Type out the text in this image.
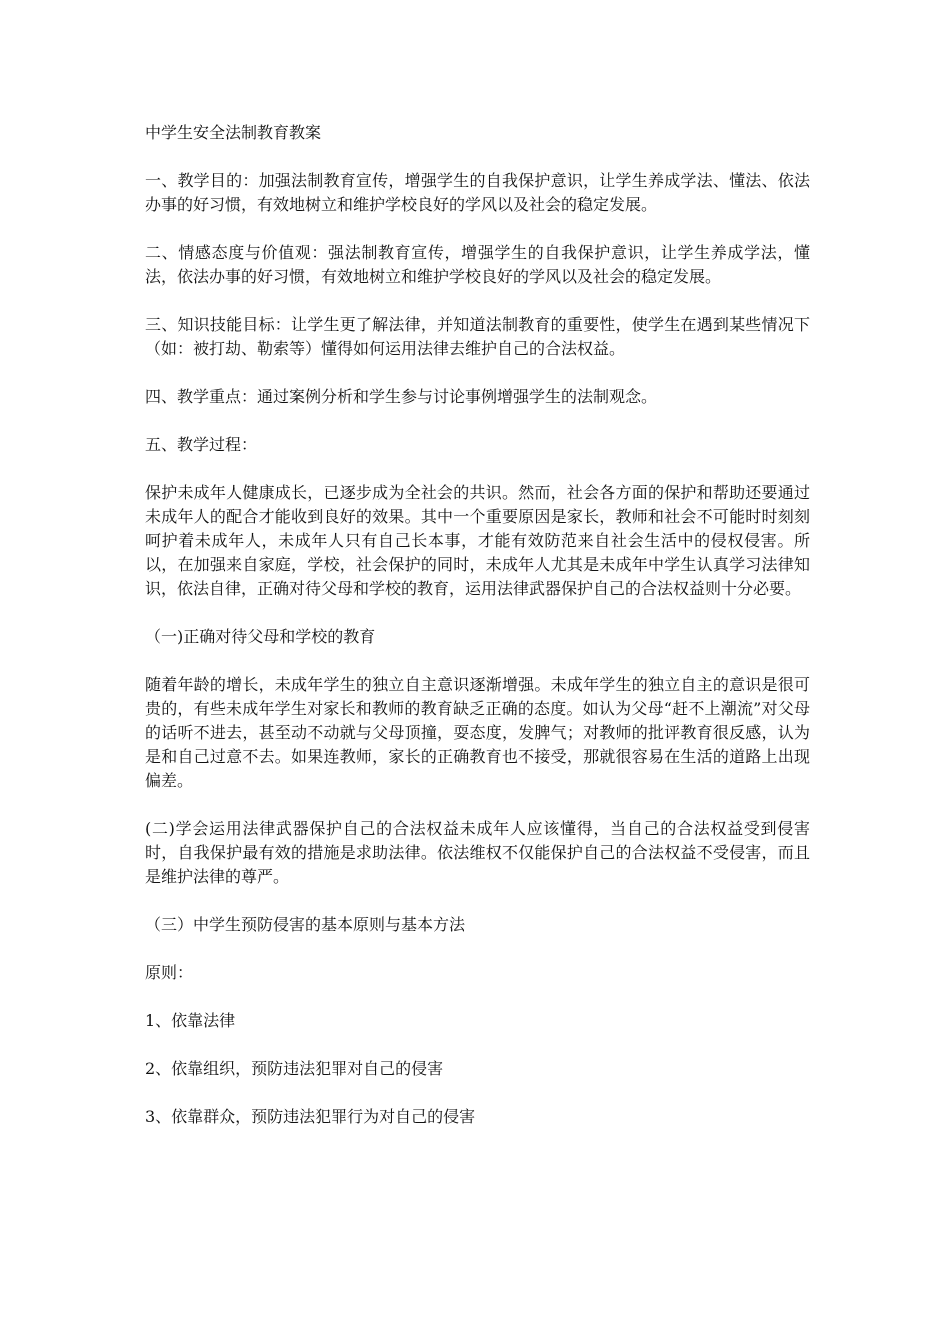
中学生安全法制教育教案

一、教学目的：加强法制教育宣传，增强学生的自我保护意识，让学生养成学法、懂法、依法办事的好习惯，有效地树立和维护学校良好的学风以及社会的稳定发展。

二、情感态度与价值观：强法制教育宣传，增强学生的自我保护意识，让学生养成学法，懂法，依法办事的好习惯，有效地树立和维护学校良好的学风以及社会的稳定发展。

三、知识技能目标：让学生更了解法律，并知道法制教育的重要性，使学生在遇到某些情况下（如：被打劫、勒索等）懂得如何运用法律去维护自己的合法权益。

四、教学重点：通过案例分析和学生参与讨论事例增强学生的法制观念。

五、教学过程：

保护未成年人健康成长，已逐步成为全社会的共识。然而，社会各方面的保护和帮助还要通过未成年人的配合才能收到良好的效果。其中一个重要原因是家长，教师和社会不可能时时刻刻呵护着未成年人，未成年人只有自己长本事，才能有效防范来自社会生活中的侵权侵害。所以，在加强来自家庭，学校，社会保护的同时，未成年人尤其是未成年中学生认真学习法律知识，依法自律，正确对待父母和学校的教育，运用法律武器保护自己的合法权益则十分必要。

（一)正确对待父母和学校的教育

随着年龄的增长，未成年学生的独立自主意识逐渐增强。未成年学生的独立自主的意识是很可贵的，有些未成年学生对家长和教师的教育缺乏正确的态度。如认为父母“赶不上潮流”对父母的话听不进去，甚至动不动就与父母顶撞，耍态度，发脾气；对教师的批评教育很反感，认为是和自己过意不去。如果连教师，家长的正确教育也不接受，那就很容易在生活的道路上出现偏差。

(二)学会运用法律武器保护自己的合法权益未成年人应该懂得，当自己的合法权益受到侵害时，自我保护最有效的措施是求助法律。依法维权不仅能保护自己的合法权益不受侵害，而且是维护法律的尊严。

（三）中学生预防侵害的基本原则与基本方法

原则：

1、依靠法律

2、依靠组织，预防违法犯罪对自己的侵害

3、依靠群众，预防违法犯罪行为对自己的侵害
